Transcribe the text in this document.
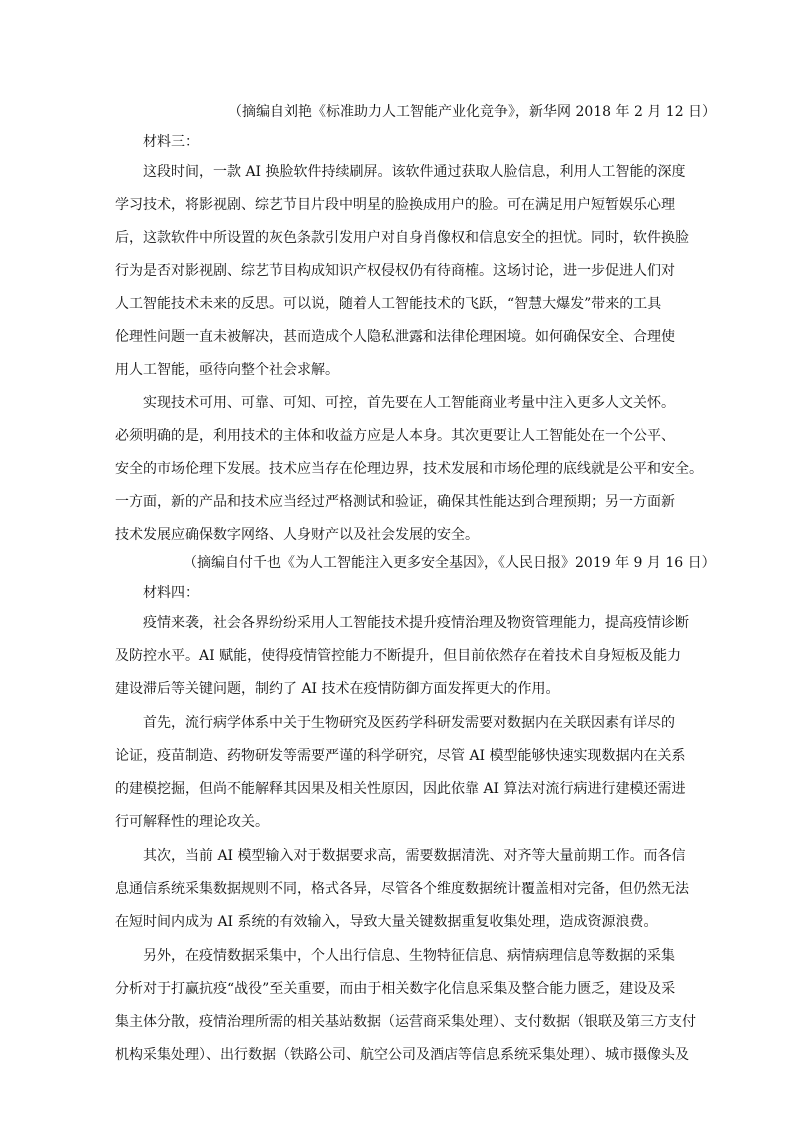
（摘编自刘艳《标准助力人工智能产业化竞争》，新华网 2018 年 2 月 12 日）
材料三：
这段时间，一款 AI 换脸软件持续刷屏。该软件通过获取人脸信息，利用人工智能的深度
学习技术，将影视剧、综艺节目片段中明星的脸换成用户的脸。可在满足用户短暂娱乐心理
后，这款软件中所设置的灰色条款引发用户对自身肖像权和信息安全的担忧。同时，软件换脸
行为是否对影视剧、综艺节目构成知识产权侵权仍有待商榷。这场讨论，进一步促进人们对
人工智能技术未来的反思。可以说，随着人工智能技术的飞跃，“智慧大爆发”带来的工具
伦理性问题一直未被解决，甚而造成个人隐私泄露和法律伦理困境。如何确保安全、合理使
用人工智能，亟待向整个社会求解。
实现技术可用、可靠、可知、可控，首先要在人工智能商业考量中注入更多人文关怀。
必须明确的是，利用技术的主体和收益方应是人本身。其次更要让人工智能处在一个公平、
安全的市场伦理下发展。技术应当存在伦理边界，技术发展和市场伦理的底线就是公平和安全。
一方面，新的产品和技术应当经过严格测试和验证，确保其性能达到合理预期；另一方面新
技术发展应确保数字网络、人身财产以及社会发展的安全。
（摘编自付千也《为人工智能注入更多安全基因》，《人民日报》2019 年 9 月 16 日）
材料四：
疫情来袭，社会各界纷纷采用人工智能技术提升疫情治理及物资管理能力，提高疫情诊断
及防控水平。AI 赋能，使得疫情管控能力不断提升，但目前依然存在着技术自身短板及能力
建设滞后等关键问题，制约了 AI 技术在疫情防御方面发挥更大的作用。
首先，流行病学体系中关于生物研究及医药学科研发需要对数据内在关联因素有详尽的
论证，疫苗制造、药物研发等需要严谨的科学研究，尽管 AI 模型能够快速实现数据内在关系
的建模挖掘，但尚不能解释其因果及相关性原因，因此依靠 AI 算法对流行病进行建模还需进
行可解释性的理论攻关。
其次，当前 AI 模型输入对于数据要求高，需要数据清洗、对齐等大量前期工作。而各信
息通信系统采集数据规则不同，格式各异，尽管各个维度数据统计覆盖相对完备，但仍然无法
在短时间内成为 AI 系统的有效输入，导致大量关键数据重复收集处理，造成资源浪费。
另外，在疫情数据采集中，个人出行信息、生物特征信息、病情病理信息等数据的采集
分析对于打赢抗疫“战役”至关重要，而由于相关数字化信息采集及整合能力匮乏，建设及采
集主体分散，疫情治理所需的相关基站数据（运营商采集处理）、支付数据（银联及第三方支付
机构采集处理）、出行数据（铁路公司、航空公司及酒店等信息系统采集处理）、城市摄像头及
